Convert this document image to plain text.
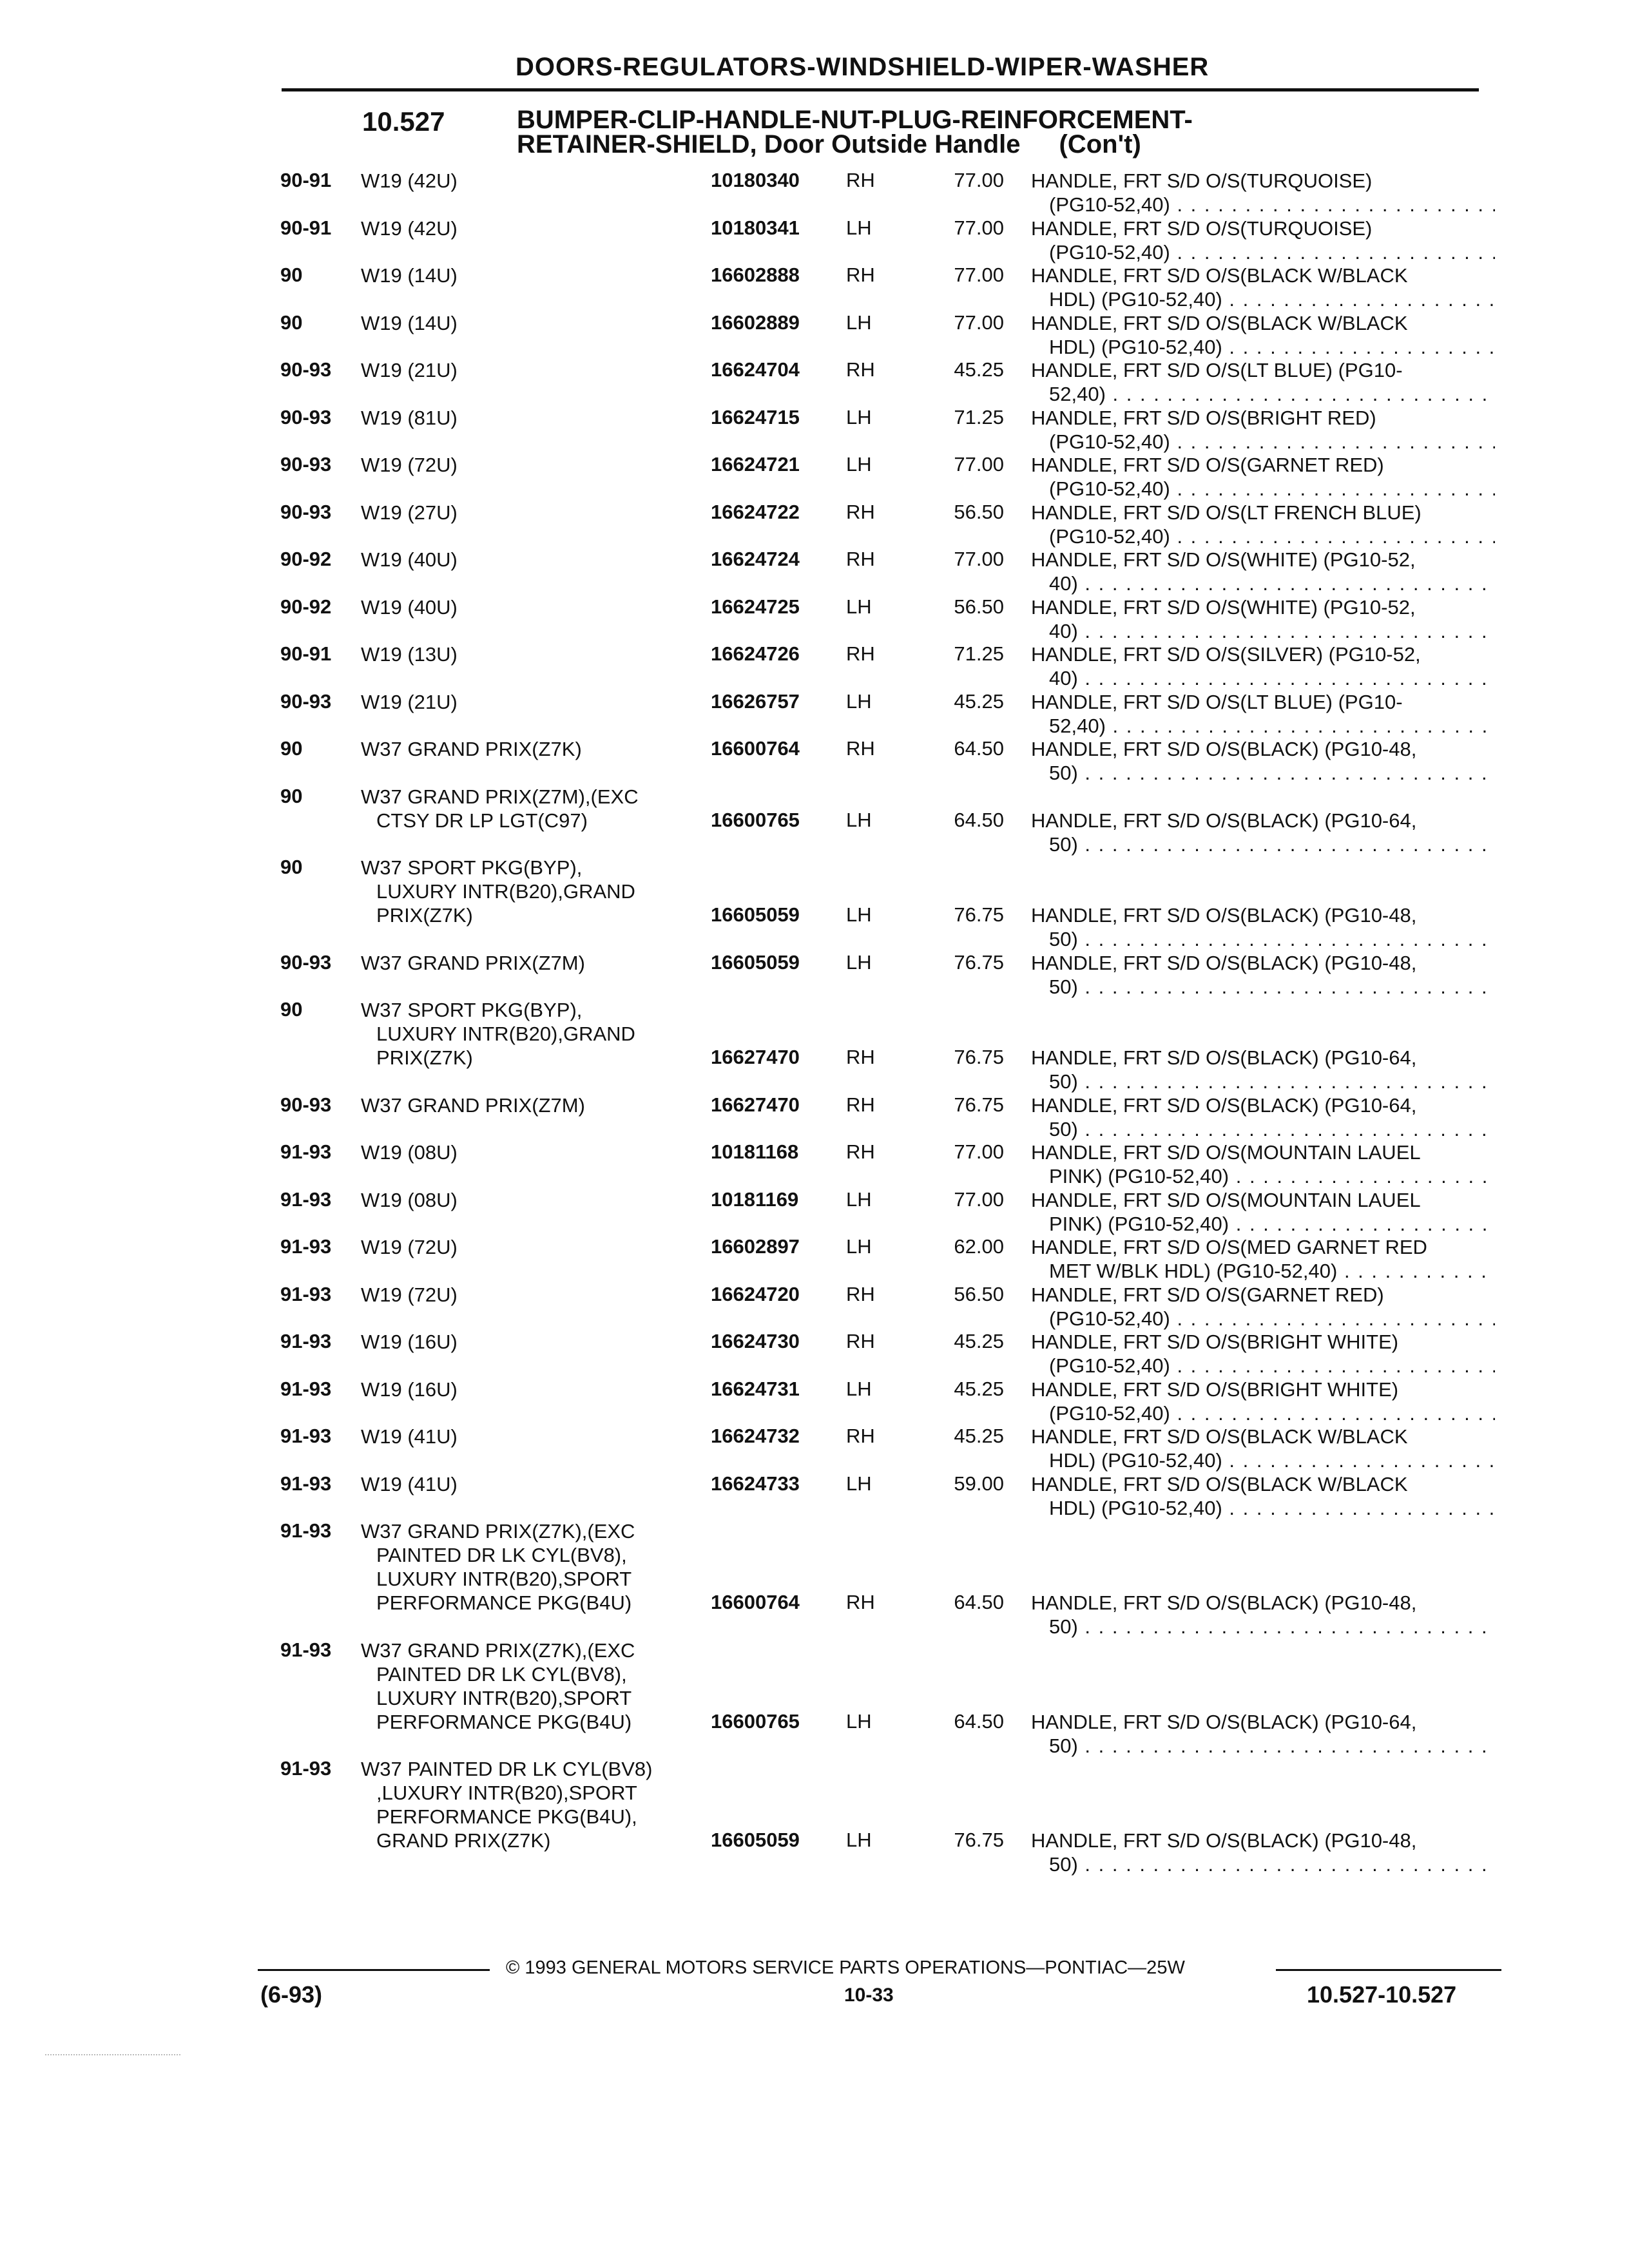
DOORS-REGULATORS-WINDSHIELD-WIPER-WASHER
10.527	BUMPER-CLIP-HANDLE-NUT-PLUG-REINFORCEMENT-
RETAINER-SHIELD, Door Outside Handle (Con't)
90-91 W19 (42U)	10180340 RH	77.00 HANDLE, FRT S/D O/S(TURQUOISE)
(PG10-52,40) . . .
90-91 W19 (42U)	10180341 LH	77.00 HANDLE, FRT S/D O/S(TURQUOISE)
(PG10-52,40) . . .
90	W19 (14U)	16602888 RH	77.00 HANDLE, FRT S/D O/S(BLACK W/BLACK
HDL) (PG10-52,40) . . .
90	W19 (14U)	16602889 LH	77.00 HANDLE, FRT S/D O/S(BLACK W/BLACK
HDL) (PG10-52,40) . . .
90-93 W19 (21U)	16624704 RH	45.25 HANDLE, FRT S/D O/S(LT BLUE) (PG10-
52,40) . . .
90-93 W19 (81U)	16624715 LH	71.25 HANDLE, FRT S/D O/S(BRIGHT RED)
(PG10-52,40) . . .
90-93 W19 (72U)	16624721 LH	77.00 HANDLE, FRT S/D O/S(GARNET RED)
(PG10-52,40) . . .
90-93 W19 (27U)	16624722 RH	56.50 HANDLE, FRT S/D O/S(LT FRENCH BLUE)
(PG10-52,40) . . .
90-92 W19 (40U)	16624724 RH	77.00 HANDLE, FRT S/D O/S(WHITE) (PG10-52,
40) . . .
90-92 W19 (40U)	16624725 LH	56.50 HANDLE, FRT S/D O/S(WHITE) (PG10-52,
40) . . .
90-91 W19 (13U)	16624726 RH	71.25 HANDLE, FRT S/D O/S(SILVER) (PG10-52,
40) . . .
90-93 W19 (21U)	16626757 LH	45.25 HANDLE, FRT S/D O/S(LT BLUE) (PG10-
52,40) . . .
90	W37 GRAND PRIX(Z7K)	16600764 RH	64.50 HANDLE, FRT S/D O/S(BLACK) (PG10-48,
50) . . .
90	W37 GRAND PRIX(Z7M),(EXC
CTSY DR LP LGT(C97)	16600765 LH	64.50 HANDLE, FRT S/D O/S(BLACK) (PG10-64,
50) . . .
90	W37 SPORT PKG(BYP),
LUXURY INTR(B20),GRAND
PRIX(Z7K)	16605059 LH	76.75 HANDLE, FRT S/D O/S(BLACK) (PG10-48,
50) . . .
90-93 W37 GRAND PRIX(Z7M)	16605059 LH	76.75 HANDLE, FRT S/D O/S(BLACK) (PG10-48,
50) . . .
90	W37 SPORT PKG(BYP),
LUXURY INTR(B20),GRAND
PRIX(Z7K)	16627470 RH	76.75 HANDLE, FRT S/D O/S(BLACK) (PG10-64,
50) . . .
90-93 W37 GRAND PRIX(Z7M)	16627470 RH	76.75 HANDLE, FRT S/D O/S(BLACK) (PG10-64,
50) . . .
91-93 W19 (08U)	10181168 RH	77.00 HANDLE, FRT S/D O/S(MOUNTAIN LAUEL
PINK) (PG10-52,40) . . .
91-93 W19 (08U)	10181169 LH	77.00 HANDLE, FRT S/D O/S(MOUNTAIN LAUEL
PINK) (PG10-52,40) . . .
91-93 W19 (72U)	16602897 LH	62.00 HANDLE, FRT S/D O/S(MED GARNET RED
MET W/BLK HDL) (PG10-52,40) . . .
91-93 W19 (72U)	16624720 RH	56.50 HANDLE, FRT S/D O/S(GARNET RED)
(PG10-52,40) . . .
91-93 W19 (16U)	16624730 RH	45.25 HANDLE, FRT S/D O/S(BRIGHT WHITE)
(PG10-52,40) . . .
91-93 W19 (16U)	16624731 LH	45.25 HANDLE, FRT S/D O/S(BRIGHT WHITE)
(PG10-52,40) . . .
91-93 W19 (41U)	16624732 RH	45.25 HANDLE, FRT S/D O/S(BLACK W/BLACK
HDL) (PG10-52,40) . . .
91-93 W19 (41U)	16624733 LH	59.00 HANDLE, FRT S/D O/S(BLACK W/BLACK
HDL) (PG10-52,40) . . .
91-93 W37 GRAND PRIX(Z7K),(EXC
PAINTED DR LK CYL(BV8),
LUXURY INTR(B20),SPORT
PERFORMANCE PKG(B4U)	16600764 RH	64.50 HANDLE, FRT S/D O/S(BLACK) (PG10-48,
50) . . .
91-93 W37 GRAND PRIX(Z7K),(EXC
PAINTED DR LK CYL(BV8),
LUXURY INTR(B20),SPORT
PERFORMANCE PKG(B4U)	16600765 LH	64.50 HANDLE, FRT S/D O/S(BLACK) (PG10-64,
50) . . .
91-93 W37 PAINTED DR LK CYL(BV8)
,LUXURY INTR(B20),SPORT
PERFORMANCE PKG(B4U),
GRAND PRIX(Z7K)	16605059 LH	76.75 HANDLE, FRT S/D O/S(BLACK) (PG10-48,
50) . . .
© 1993 GENERAL MOTORS SERVICE PARTS OPERATIONS—PONTIAC—25W
(6-93)	10-33	10.527-10.527
